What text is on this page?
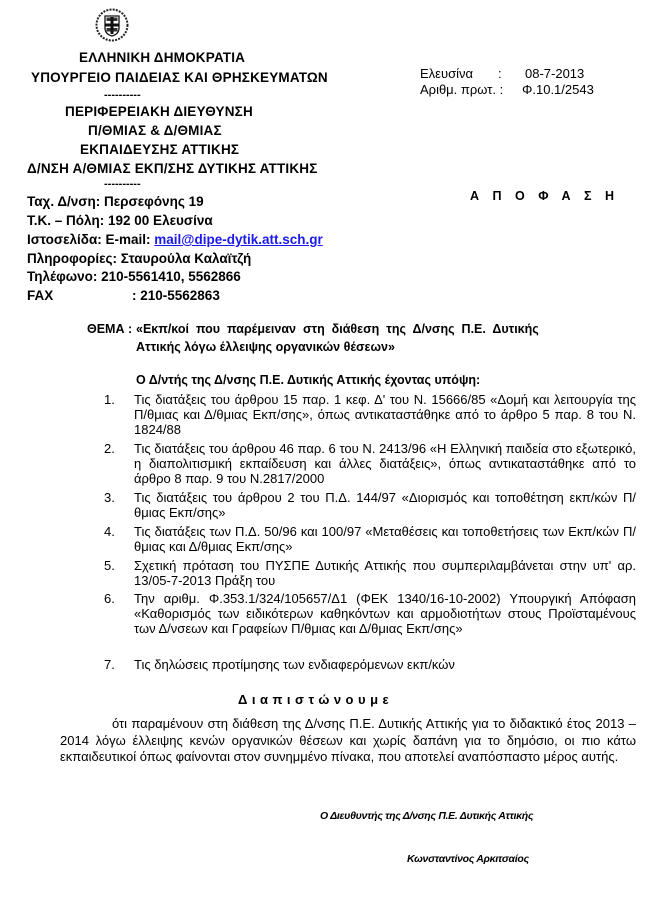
ΕΛΛΗΝΙΚΗ ΔΗΜΟΚΡΑΤΙΑ
ΥΠΟΥΡΓΕΙΟ ΠΑΙΔΕΙΑΣ ΚΑΙ ΘΡΗΣΚΕΥΜΑΤΩΝ
----------
ΠΕΡΙΦΕΡΕΙΑΚΗ ΔΙΕΥΘΥΝΣΗ
Π/ΘΜΙΑΣ & Δ/ΘΜΙΑΣ
ΕΚΠΑΙΔΕΥΣΗΣ ΑΤΤΙΚΗΣ
Δ/ΝΣΗ Α/ΘΜΙΑΣ ΕΚΠ/ΣΗΣ ΔΥΤΙΚΗΣ ΑΤΤΙΚΗΣ
----------
Ελευσίνα : 08-7-2013
Αριθμ. πρωτ. : Φ.10.1/2543
Α Π Ο Φ Α Σ Η
Ταχ. Δ/νση: Περσεφόνης 19
Τ.Κ. – Πόλη: 192 00 Ελευσίνα
Ιστοσελίδα: E-mail: mail@dipe-dytik.att.sch.gr
Πληροφορίες: Σταυρούλα Καλαϊτζή
Τηλέφωνο: 210-5561410, 5562866
FAX	: 210-5562863
ΘΕΜΑ : «Εκπ/κοί που παρέμειναν στη διάθεση της Δ/νσης Π.Ε. Δυτικής
Αττικής λόγω έλλειψης οργανικών θέσεων»
Ο Δ/ντής της Δ/νσης Π.Ε. Δυτικής Αττικής έχοντας υπόψη:
1.	Τις διατάξεις του άρθρου 15 παρ. 1 κεφ. Δ' του Ν. 15666/85 «Δομή και λειτουργία της Π/θμιας και Δ/θμιας Εκπ/σης», όπως αντικαταστάθηκε από το άρθρο 5 παρ. 8 του Ν. 1824/88
2.	Τις διατάξεις του άρθρου 46 παρ. 6 του Ν. 2413/96 «Η Ελληνική παιδεία στο εξωτερικό, η διαπολιτισμική εκπαίδευση και άλλες διατάξεις», όπως αντικαταστάθηκε από το άρθρο 8 παρ. 9 του Ν.2817/2000
3.	Τις διατάξεις του άρθρου 2 του Π.Δ. 144/97 «Διορισμός και τοποθέτηση εκπ/κών Π/θμιας Εκπ/σης»
4.	Τις διατάξεις των Π.Δ. 50/96 και 100/97 «Μεταθέσεις και τοποθετήσεις των Εκπ/κών Π/θμιας και Δ/θμιας Εκπ/σης»
5.	Σχετική πρόταση του ΠΥΣΠΕ Δυτικής Αττικής που συμπεριλαμβάνεται στην υπ' αρ. 13/05-7-2013 Πράξη του
6.	Την αριθμ. Φ.353.1/324/105657/Δ1 (ΦΕΚ 1340/16-10-2002) Υπουργική Απόφαση «Καθορισμός των ειδικότερων καθηκόντων και αρμοδιοτήτων στους Προϊσταμένους των Δ/νσεων και Γραφείων Π/θμιας και Δ/θμιας Εκπ/σης»
7.	Τις δηλώσεις προτίμησης των ενδιαφερόμενων εκπ/κών
Διαπιστώνουμε
ότι παραμένουν στη διάθεση της Δ/νσης Π.Ε. Δυτικής Αττικής για το διδακτικό έτος 2013 – 2014 λόγω έλλειψης κενών οργανικών θέσεων και χωρίς δαπάνη για το δημόσιο, οι πιο κάτω εκπαιδευτικοί όπως φαίνονται στον συνημμένο πίνακα, που αποτελεί αναπόσπαστο μέρος αυτής.
Ο Διευθυντής της Δ/νσης Π.Ε. Δυτικής Αττικής
Κωνσταντίνος Αρκιτσαίος
